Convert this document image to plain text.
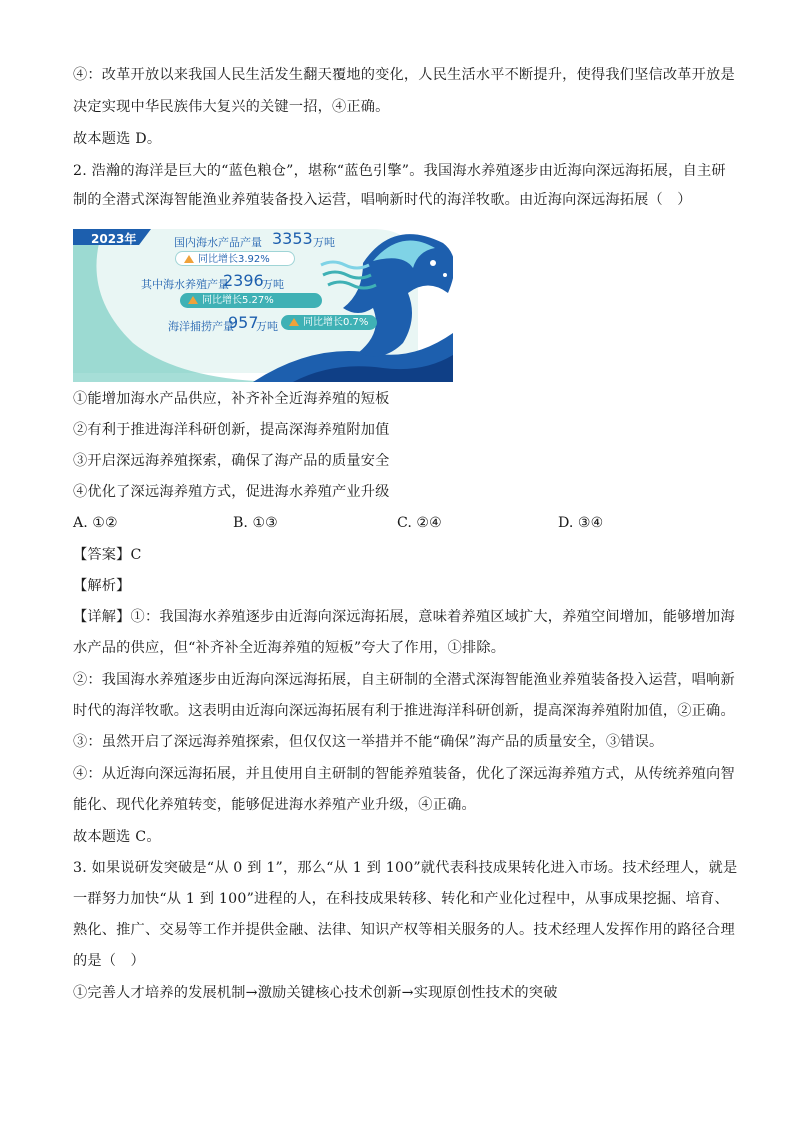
④：改革开放以来我国人民生活发生翻天覆地的变化，人民生活水平不断提升，使得我们坚信改革开放是
决定实现中华民族伟大复兴的关键一招，④正确。
故本题选 D。
2. 浩瀚的海洋是巨大的“蓝色粮仓”，堪称“蓝色引擎”。我国海水养殖逐步由近海向深远海拓展，自主研
制的全潜式深海智能渔业养殖装备投入运营，唱响新时代的海洋牧歌。由近海向深远海拓展（　）
2023年	国内海水产品产量 3353 万吨
同比增长3.92%
其中海水养殖产量
2396
万吨
同比增长5.27%
海洋捕捞产量
957
万吨	同比增长0.7%
①能增加海水产品供应，补齐补全近海养殖的短板
②有利于推进海洋科研创新，提高深海养殖附加值
③开启深远海养殖探索，确保了海产品的质量安全
④优化了深远海养殖方式，促进海水养殖产业升级
A. ①②	B. ①③	C. ②④	D. ③④
【答案】C
【解析】
【详解】①：我国海水养殖逐步由近海向深远海拓展，意味着养殖区域扩大，养殖空间增加，能够增加海
水产品的供应，但“补齐补全近海养殖的短板”夸大了作用，①排除。
②：我国海水养殖逐步由近海向深远海拓展，自主研制的全潜式深海智能渔业养殖装备投入运营，唱响新
时代的海洋牧歌。这表明由近海向深远海拓展有利于推进海洋科研创新，提高深海养殖附加值，②正确。
③：虽然开启了深远海养殖探索，但仅仅这一举措并不能“确保”海产品的质量安全，③错误。
④：从近海向深远海拓展，并且使用自主研制的智能养殖装备，优化了深远海养殖方式，从传统养殖向智
能化、现代化养殖转变，能够促进海水养殖产业升级，④正确。
故本题选 C。
3. 如果说研发突破是“从 0 到 1”，那么“从 1 到 100”就代表科技成果转化进入市场。技术经理人，就是
一群努力加快“从 1 到 100”进程的人，在科技成果转移、转化和产业化过程中，从事成果挖掘、培育、
熟化、推广、交易等工作并提供金融、法律、知识产权等相关服务的人。技术经理人发挥作用的路径合理
的是（　）
①完善人才培养的发展机制→激励关键核心技术创新→实现原创性技术的突破
